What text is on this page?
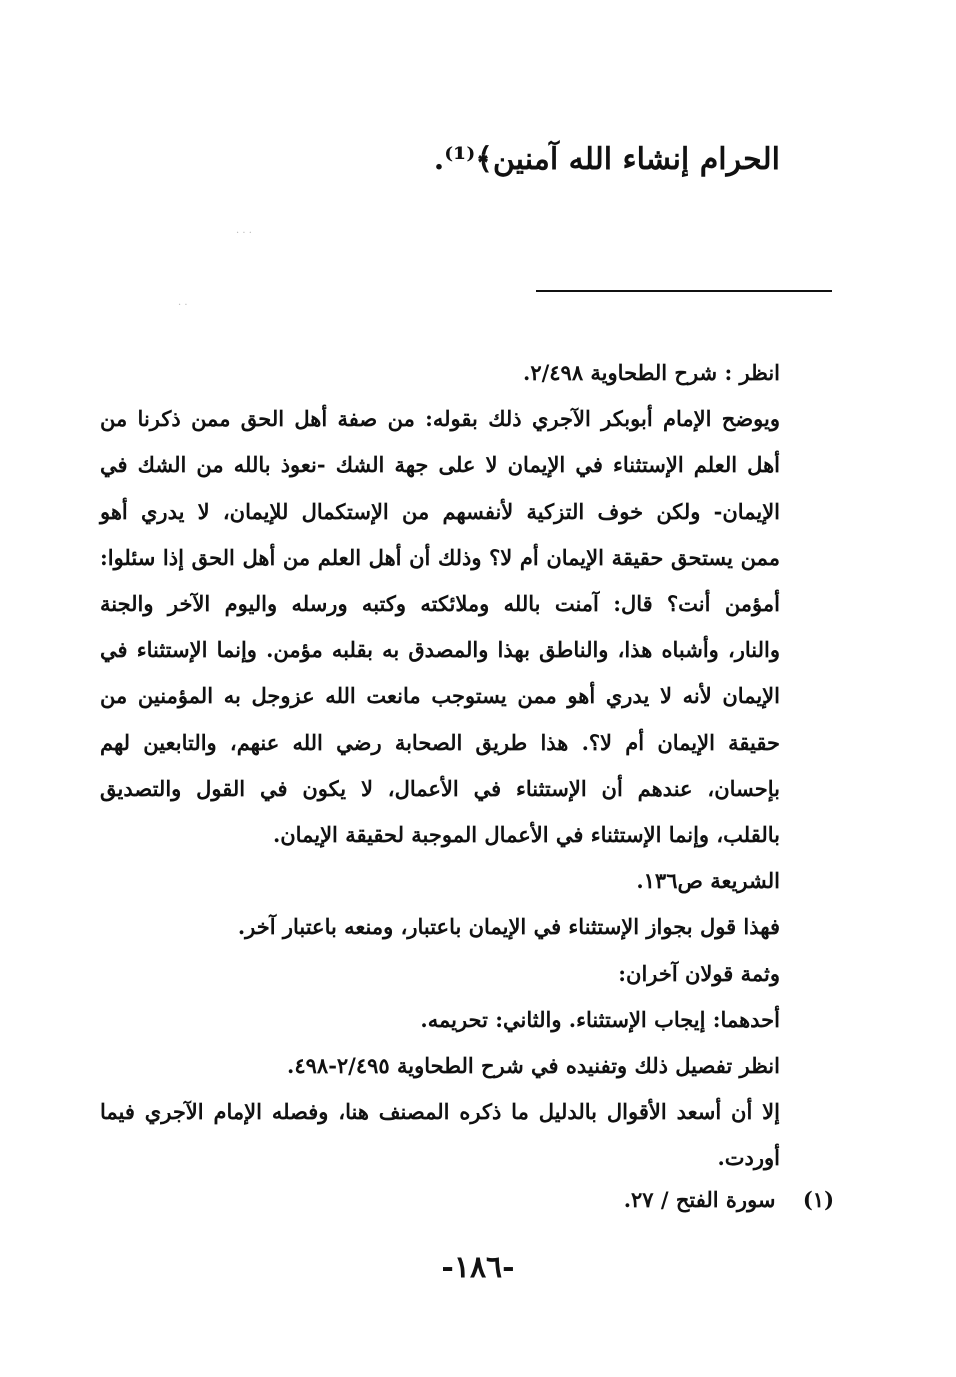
الحرام إنشاء الله آمنين﴾⁽¹⁾.
انظر : شرح الطحاوية ٢/٤٩٨.
ويوضح الإمام أبوبكر الآجري ذلك بقوله: من صفة أهل الحق ممن ذكرنا من
أهل العلم الإستثناء في الإيمان لا على جهة الشك -نعوذ بالله من الشك في
الإيمان- ولكن خوف التزكية لأنفسهم من الإستكمال للإيمان، لا يدري أهو
ممن يستحق حقيقة الإيمان أم لا؟ وذلك أن أهل العلم من أهل الحق إذا سئلوا:
أمؤمن أنت؟ قال: آمنت بالله وملائكته وكتبه ورسله واليوم الآخر والجنة
والنار، وأشباه هذا، والناطق بهذا والمصدق به بقلبه مؤمن. وإنما الإستثناء في
الإيمان لأنه لا يدري أهو ممن يستوجب مانعت الله عزوجل به المؤمنين من
حقيقة الإيمان أم لا؟. هذا طريق الصحابة رضي الله عنهم، والتابعين لهم
بإحسان، عندهم أن الإستثناء في الأعمال، لا يكون في القول والتصديق
بالقلب، وإنما الإستثناء في الأعمال الموجبة لحقيقة الإيمان.
الشريعة ص١٣٦.
فهذا قول بجواز الإستثناء في الإيمان باعتبار، ومنعه باعتبار آخر.
وثمة قولان آخران:
أحدهما: إيجاب الإستثناء. والثاني: تحريمه.
انظر تفصيل ذلك وتفنيده في شرح الطحاوية ٢/٤٩٥-٤٩٨.
إلا أن أسعد الأقوال بالدليل ما ذكره المصنف هنا، وفصله الإمام الآجري فيما
أوردت.
(١) سورة الفتح / ٢٧.
-١٨٦-
· · ·
· ·
